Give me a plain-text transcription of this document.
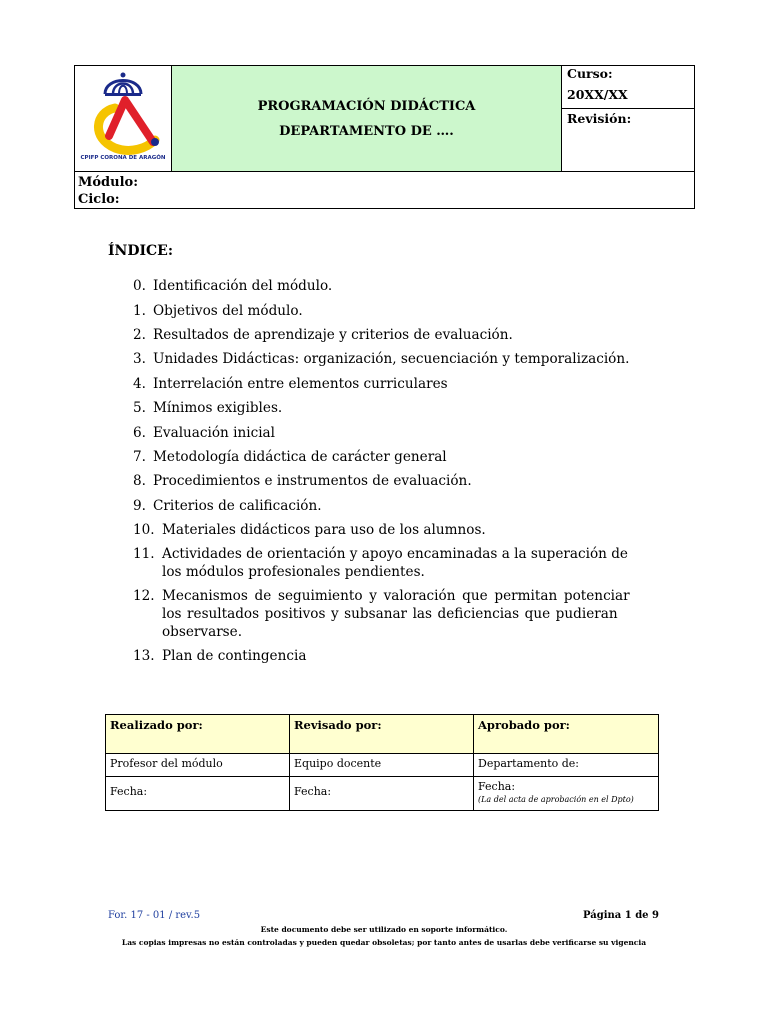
CPIFP CORONA DE ARAGÓN
PROGRAMACIÓN DIDÁCTICA
DEPARTAMENTO DE ….
Curso:
20XX/XX
Revisión:
Módulo:
Ciclo:
ÍNDICE:
0. Identificación del módulo.
1. Objetivos del módulo.
2. Resultados de aprendizaje y criterios de evaluación.
3. Unidades Didácticas: organización, secuenciación y temporalización.
4. Interrelación entre elementos curriculares
5. Mínimos exigibles.
6. Evaluación inicial
7. Metodología didáctica de carácter general
8. Procedimientos e instrumentos de evaluación.
9. Criterios de calificación.
10. Materiales didácticos para uso de los alumnos.
11. Actividades de orientación y apoyo encaminadas a la superación de
los módulos profesionales pendientes.
12. Mecanismos de seguimiento y valoración que permitan potenciar
los resultados positivos y subsanar las deficiencias que pudieran
observarse.
13. Plan de contingencia
Realizado por:	Revisado por:	Aprobado por:
Profesor del módulo	Equipo docente	Departamento de:
Fecha:	Fecha:	Fecha:
(La del acta de aprobación en el Dpto)
For. 17 - 01 / rev.5	Página 1 de 9
Este documento debe ser utilizado en soporte informático.
Las copias impresas no están controladas y pueden quedar obsoletas; por tanto antes de usarlas debe verificarse su vigencia
